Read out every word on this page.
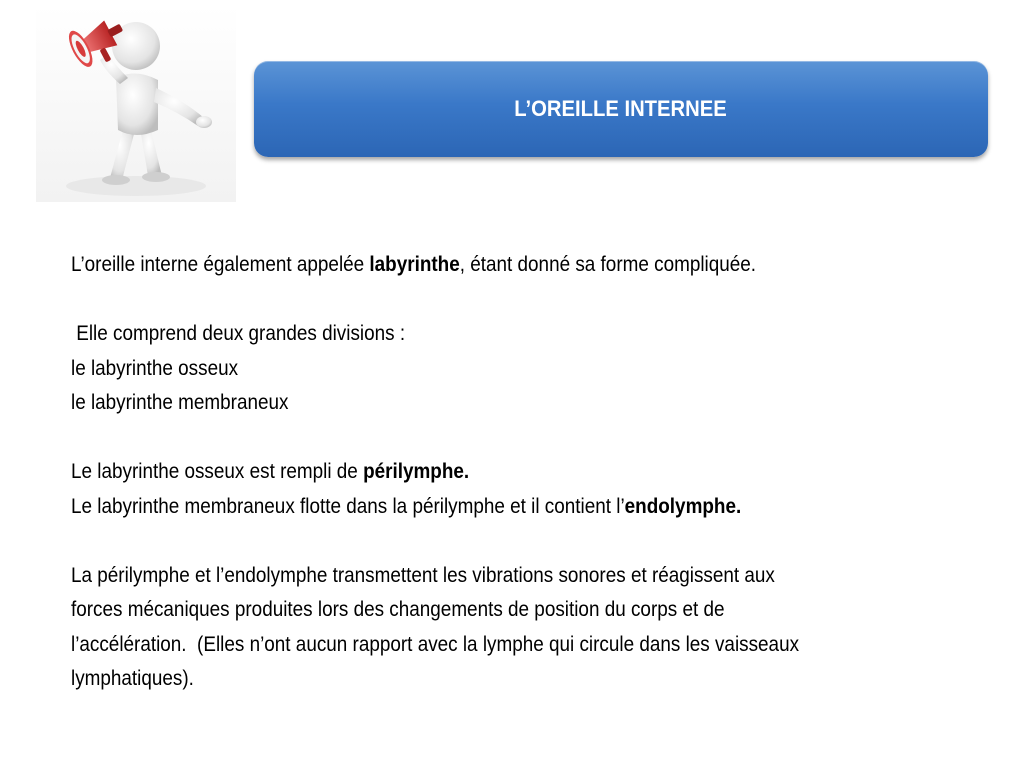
L’OREILLE INTERNEE
L’oreille interne également appelée labyrinthe, étant donné sa forme compliquée.
Elle comprend deux grandes divisions :
le labyrinthe osseux
le labyrinthe membraneux
Le labyrinthe osseux est rempli de périlymphe.
Le labyrinthe membraneux flotte dans la périlymphe et il contient l’endolymphe.
La périlymphe et l’endolymphe transmettent les vibrations sonores et réagissent aux
forces mécaniques produites lors des changements de position du corps et de
l’accélération.  (Elles n’ont aucun rapport avec la lymphe qui circule dans les vaisseaux
lymphatiques).
